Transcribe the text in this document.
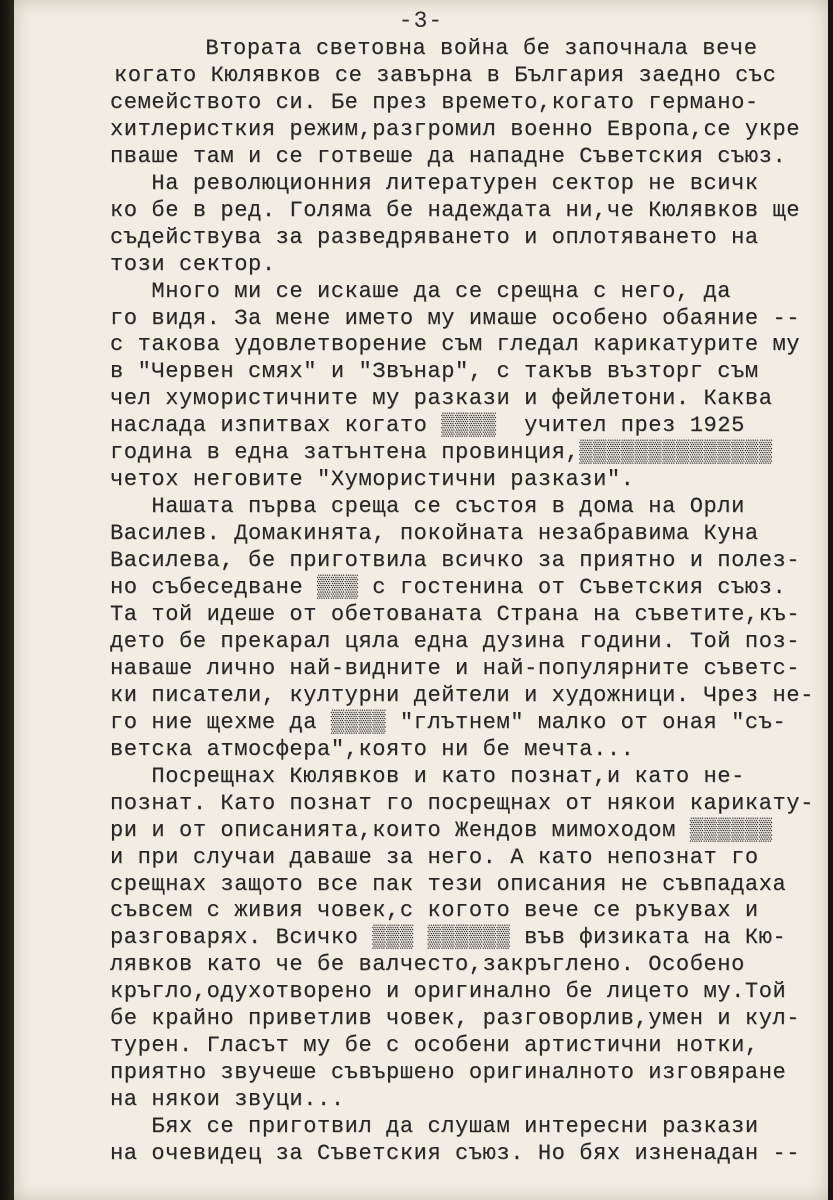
-3-
Втората световна война бе започнала вече
когато Кюлявков се завърна в България заедно със
семейството си. Бе през времето,когато германо-
хитлеристкия режим,разгромил военно Европа,се укре
пваше там и се готвеше да нападне Съветския съюз.
На революционния литературен сектор не всичк
ко бе в ред. Голяма бе надеждата ни,че Кюлявков ще
съдействува за разведряването и оплотяването на
този сектор.
Много ми се искаше да се срещна с него, да
го видя. За мене името му имаше особено обаяние --
с такова удовлетворение съм гледал карикатурите му
в "Червен смях" и "Звънар", с такъв възторг съм
чел хумористичните му разкази и фейлетони. Каква
наслада изпитвах когато ▒▒▒▒  учител през 1925
година в една затънтена провинция,▒▒▒▒▒▒▒▒▒▒▒▒▒▒
четох неговите "Хумористични разкази".
Нашата първа среща се състоя в дома на Орли
Василев. Домакинята, покойната незабравима Куна
Василева, бе приготвила всичко за приятно и полез-
но събеседване ▒▒▒ с гостенина от Съветския съюз.
Та той идеше от обетованата Страна на съветите,къ-
дето бе прекарал цяла една дузина години. Той поз-
наваше лично най-видните и най-популярните съветс-
ки писатели, културни дейтели и художници. Чрез не-
го ние щехме да ▒▒▒▒ "глътнем" малко от оная "съ-
ветска атмосфера",която ни бе мечта...
Посрещнах Кюлявков и като познат,и като не-
познат. Като познат го посрещнах от някои карикату-
ри и от описанията,които Жендов мимоходом ▒▒▒▒▒▒
и при случаи даваше за него. А като непознат го
срещнах защото все пак тези описания не съвпадаха
съвсем с живия човек,с когото вече се ръкувах и
разговарях. Всичко ▒▒▒ ▒▒▒▒▒▒ във физиката на Кю-
лявков като че бе валчесто,закръглено. Особено
кръгло,одухотворено и оригинално бе лицето му.Той
бе крайно приветлив човек, разговорлив,умен и кул-
турен. Гласът му бе с особени артистични нотки,
приятно звучеше съвършено оригиналното изговяране
на някои звуци...
Бях се приготвил да слушам интересни разкази
на очевидец за Съветския съюз. Но бях изненадан --
